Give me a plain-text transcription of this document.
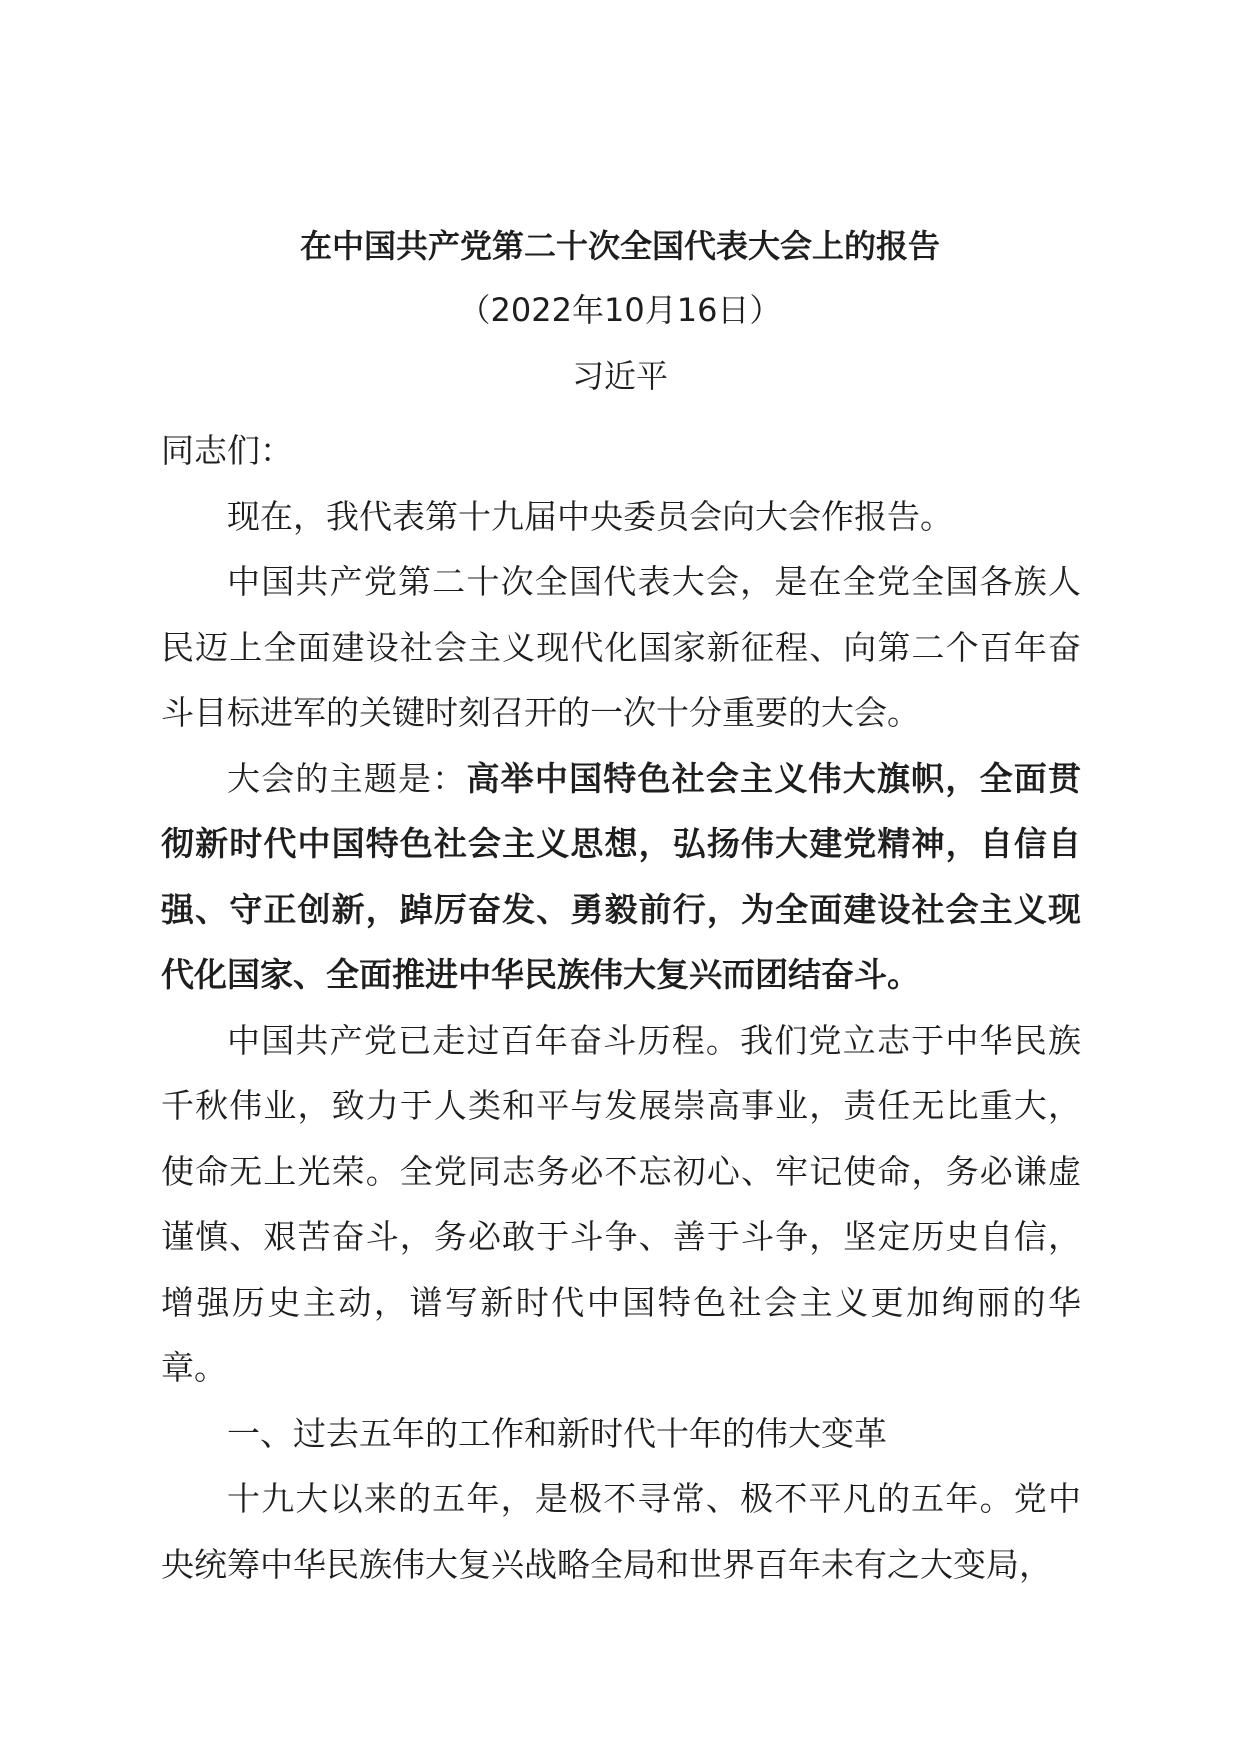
在中国共产党第二十次全国代表大会上的报告
（2022年10月16日）
习近平

同志们：

现在，我代表第十九届中央委员会向大会作报告。

中国共产党第二十次全国代表大会，是在全党全国各族人民迈上全面建设社会主义现代化国家新征程、向第二个百年奋斗目标进军的关键时刻召开的一次十分重要的大会。

大会的主题是：高举中国特色社会主义伟大旗帜，全面贯彻新时代中国特色社会主义思想，弘扬伟大建党精神，自信自强、守正创新，踔厉奋发、勇毅前行，为全面建设社会主义现代化国家、全面推进中华民族伟大复兴而团结奋斗。

中国共产党已走过百年奋斗历程。我们党立志于中华民族千秋伟业，致力于人类和平与发展崇高事业，责任无比重大，使命无上光荣。全党同志务必不忘初心、牢记使命，务必谦虚谨慎、艰苦奋斗，务必敢于斗争、善于斗争，坚定历史自信，增强历史主动，谱写新时代中国特色社会主义更加绚丽的华章。

一、过去五年的工作和新时代十年的伟大变革

十九大以来的五年，是极不寻常、极不平凡的五年。党中央统筹中华民族伟大复兴战略全局和世界百年未有之大变局，
